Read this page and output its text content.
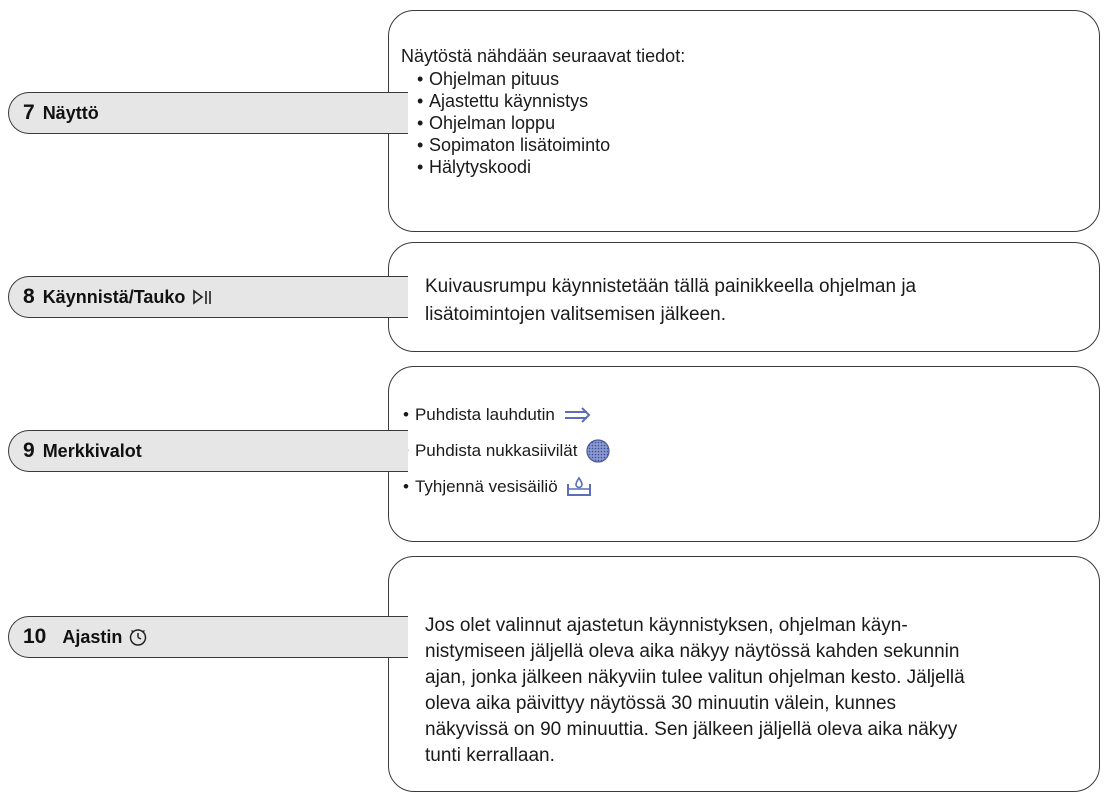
Näytöstä nähdään seuraavat tiedot:
• Ohjelman pituus
• Ajastettu käynnistys
• Ohjelman loppu
• Sopimaton lisätoiminto
• Hälytyskoodi
7 Näyttö
Kuivausrumpu käynnistetään tällä painikkeella ohjelman ja
lisätoimintojen valitsemisen jälkeen.
8 Käynnistä/Tauko
• Puhdista lauhdutin
Puhdista nukkasiivilät
• Tyhjennä vesisäiliö
9 Merkkivalot
Jos olet valinnut ajastetun käynnistyksen, ohjelman käyn-
nistymiseen jäljellä oleva aika näkyy näytössä kahden sekunnin
ajan, jonka jälkeen näkyviin tulee valitun ohjelman kesto. Jäljellä
oleva aika päivittyy näytössä 30 minuutin välein, kunnes
näkyvissä on 90 minuuttia. Sen jälkeen jäljellä oleva aika näkyy
tunti kerrallaan.
10 Ajastin
